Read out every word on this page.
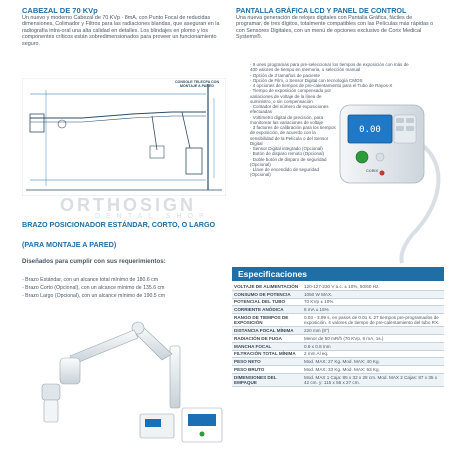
CABEZAL DE 70 KVp

Un nuevo y moderno Cabezal de 70 KVp - 8mA, con Punto Focal de reducidas dimensiones, Colimador y Filtros para las radiaciones blandas, que aseguran en la radiografía intra-oral una alta calidad en detalles. Los blindajes en plomo y los componentes críticos están sobredimensionados para proveer un funcionamiento seguro.

CONSOLE TELECPA CON MONTAJE A PARED
BRAZO POSICIONADOR ESTÁNDAR, CORTO, O LARGO
(PARA MONTAJE A PARED)
Diseñados para cumplir con sus requerimientos:
- Brazo Estándar, con un alcance total mínimo de 180.6 cm
- Brazo Corto (Opcional), con un alcance mínimo de 135.6 cm
- Brazo Largo (Opcional), con un alcance mínimo de 190.5 cm
PANTALLA GRÁFICA LCD Y PANEL DE CONTROL

Una nueva generación de relojes digitales con Pantalla Gráfica, fáciles de programar, de tres dígitos, totalmente compatibles con las Películas más rápidas o con Sensores Digitales, con un menú de opciones exclusivo de Corix Medical Systems®.

· 9 unes programas para pre-seleccionar los tiempos de exposición con más de 400 valores de tiempo en memoria, o selección manual
· Opción de 3 tamaños de paciente
· Opción de Film, o Sensor Digital con tecnología CMOS
· 4 opciones de tiempos de pre-calentamiento para el Tubo de Rayos-X
· Tiempo de exposición compensado por variaciones de voltaje de la línea de suministro, o sin compensación
· Contador del número de exposiciones efectuadas
· Voltímetro digital de precisión, para monitorear las variaciones de voltaje
· 3 factores de calibración para los tiempos de exposición, de acuerdo con la sensibilidad de la Película o del Sensor Digital
· Sensor Digital integrado (Opcional)
· Botón de disparo remoto (Opcional)
· Doble botón de disparo de seguridad (Opcional)
· Llave de encendido de seguridad (Opcional)
0.00
CORIX
ORTHOSIGN
DENTAL SHOP
Especificaciones
VOLTAJE DE ALIMENTACIÓN	120-127-230 V a.c. ± 10%, 50/60 Hz.
CONSUMO DE POTENCIA	1050 W MAX.
POTENCIAL DEL TUBO	70 KVp ± 10%
CORRIENTE ANÓDICA	8 mA ± 15%
RANGO DE TIEMPOS DE EXPOSICIÓN	0.03 - 3.99 s, en pasos de 0.01 s. 27 tiempos pre-programados de exposición. 4 valores de tiempo de pre-calentamiento del tubo RX.
DISTANCIA FOCAL MÍNIMA	220 mm (8")
RADIACIÓN DE FUGA	Menor de 50 mR/h (70 KVp, 8 mA, 1s.)
MANCHA FOCAL	0.8 x 0.8 mm
FILTRACIÓN TOTAL MÍNIMA	2 mm Al eq.
PESO NETO	Mod. MAX: 27 Kg. Mod. MAX: 40 Kg.
PESO BRUTO	Mod. MAX: 33 Kg. Mod. MAX: 53 Kg.
DIMENSIONES DEL EMPAQUE	Mod. MAX 1 Caja: 85 x 32 x 28 cm. Mod. MAX 2 Cajas: 87 x 35 x 42 cm. y: 115 x 56 x 27 cm.
